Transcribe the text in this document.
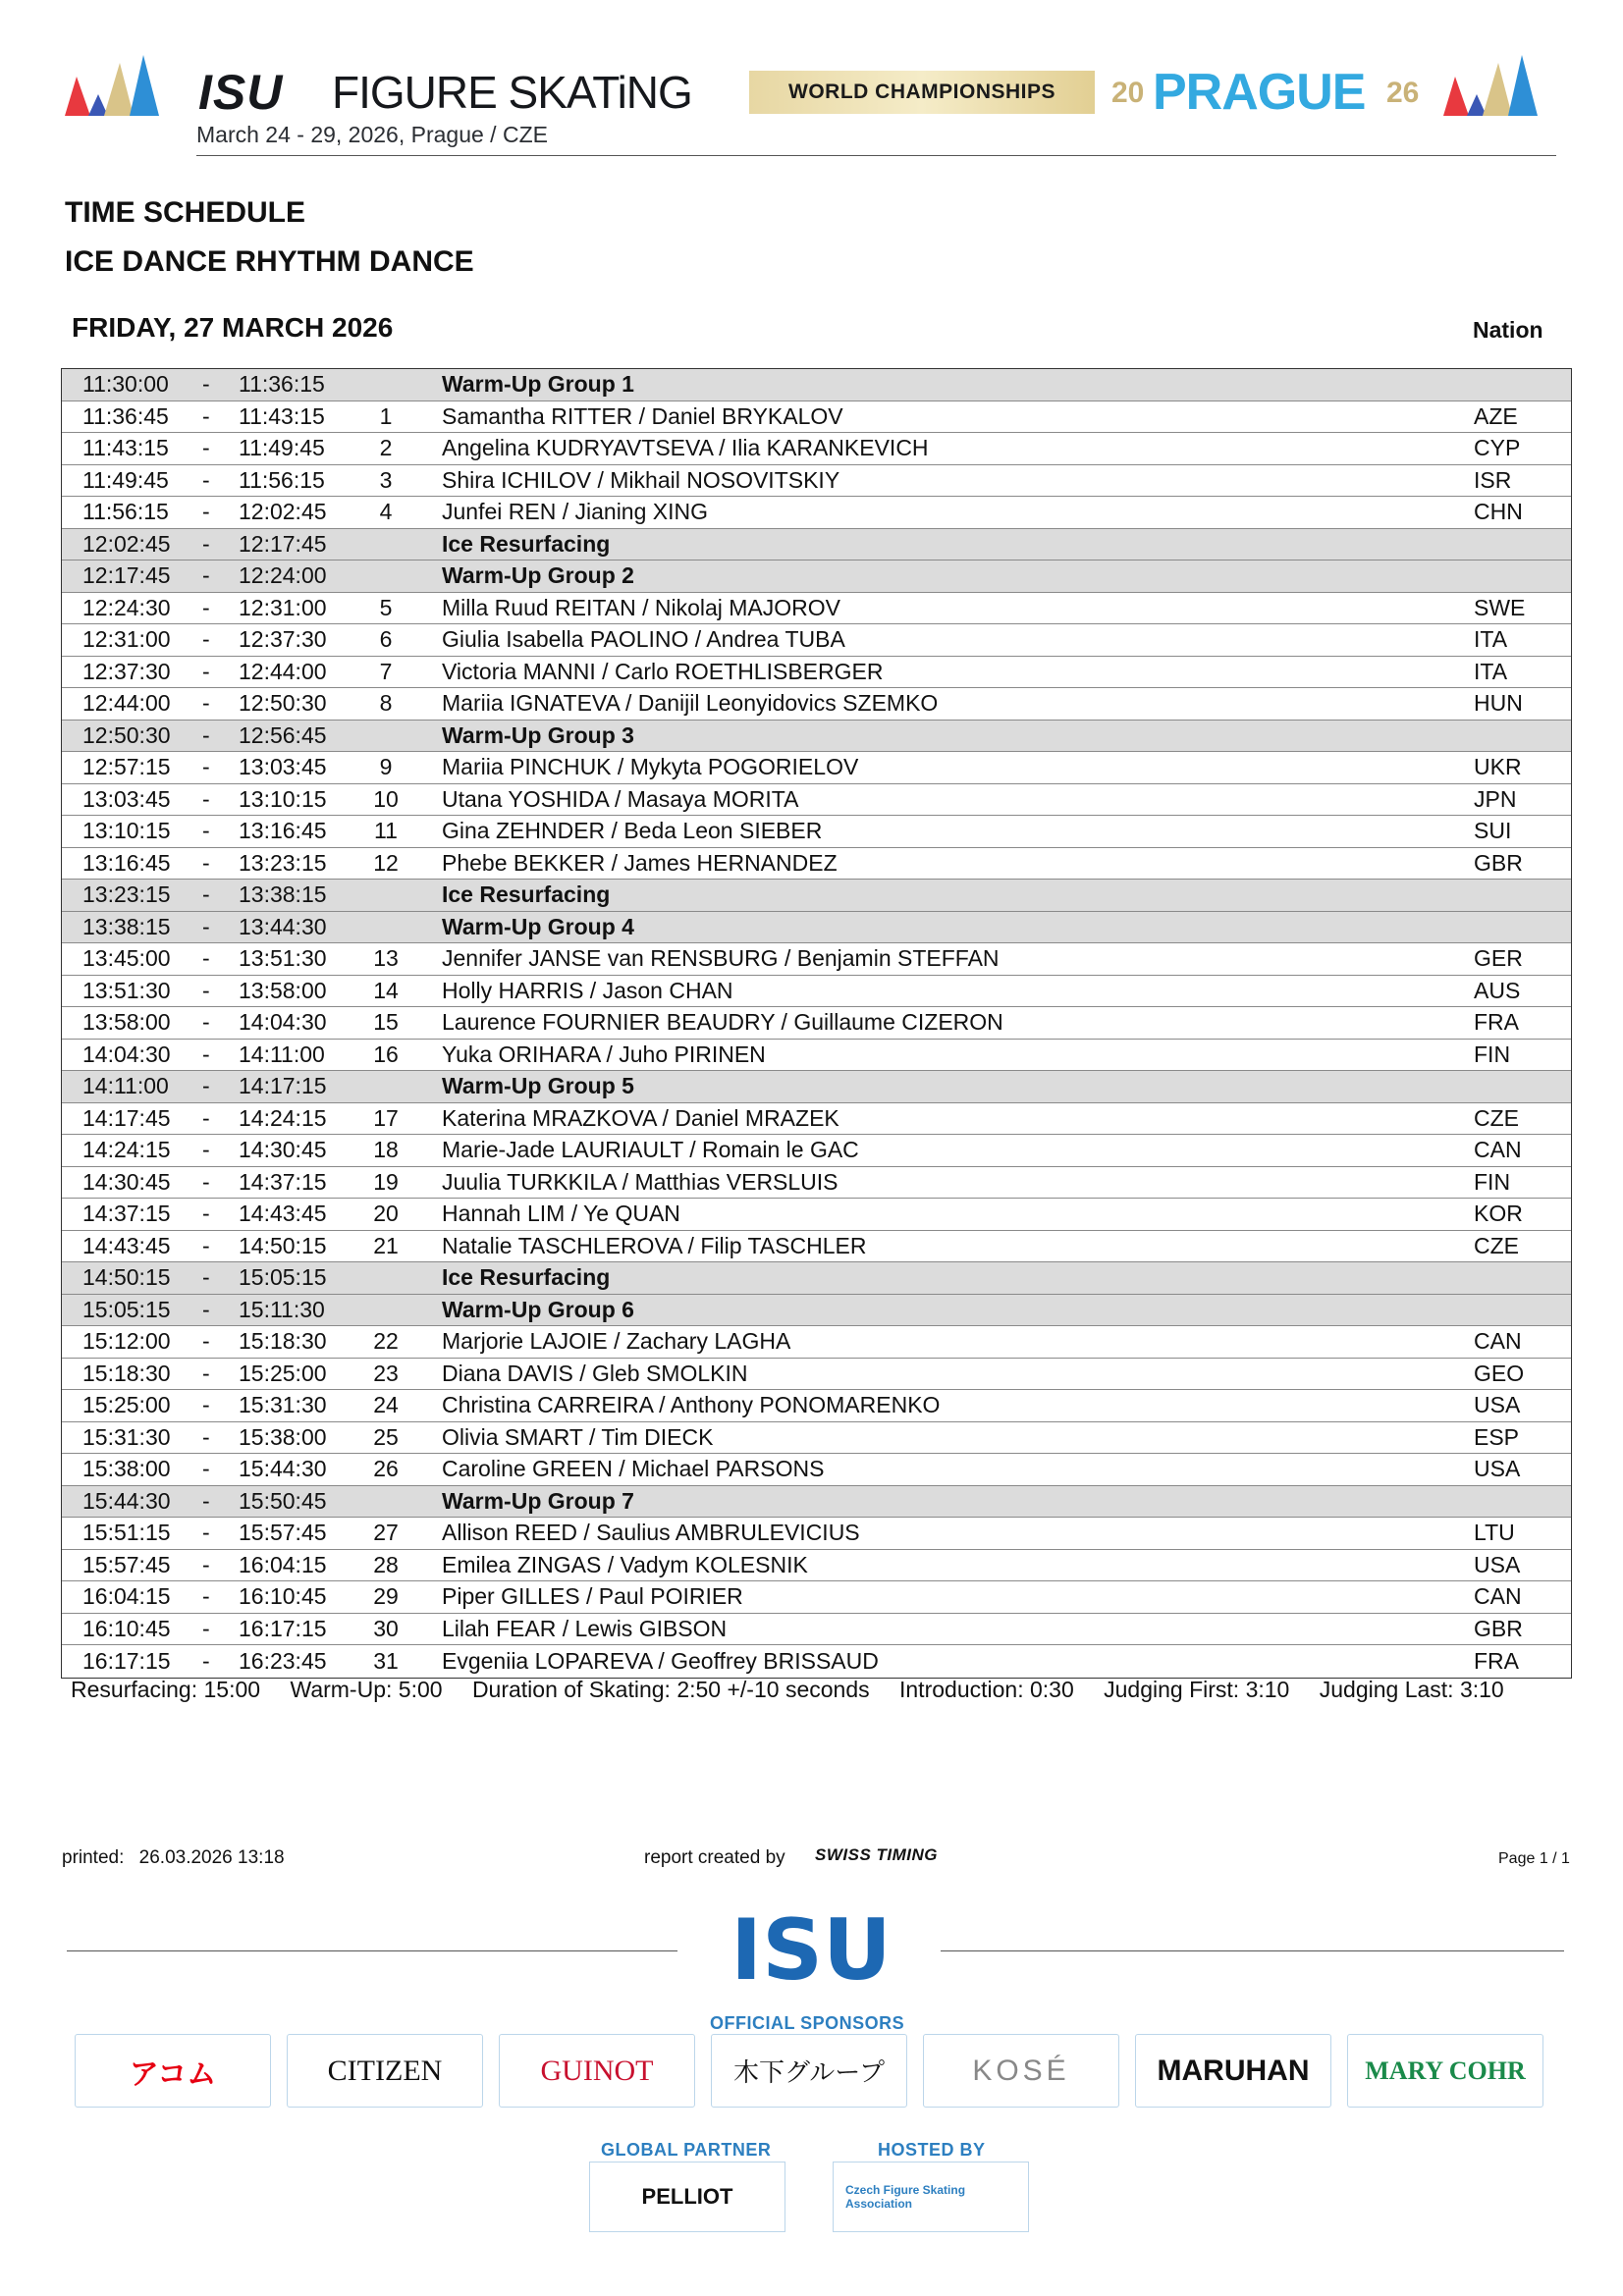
ISU FIGURE SKATiNG
March 24 - 29, 2026, Prague / CZE
WORLD CHAMPIONSHIPS	20 PRAGUE 26
TIME SCHEDULE
ICE DANCE RHYTHM DANCE
FRIDAY, 27 MARCH 2026	Nation
11:30:00 - 11:36:15	Warm-Up Group 1
11:36:45 - 11:43:15	1	Samantha RITTER / Daniel BRYKALOV	AZE
11:43:15 - 11:49:45	2	Angelina KUDRYAVTSEVA / Ilia KARANKEVICH	CYP
11:49:45 - 11:56:15	3	Shira ICHILOV / Mikhail NOSOVITSKIY	ISR
11:56:15 - 12:02:45	4	Junfei REN / Jianing XING	CHN
12:02:45 - 12:17:45	Ice Resurfacing
12:17:45 - 12:24:00	Warm-Up Group 2
12:24:30 - 12:31:00	5	Milla Ruud REITAN / Nikolaj MAJOROV	SWE
12:31:00 - 12:37:30	6	Giulia Isabella PAOLINO / Andrea TUBA	ITA
12:37:30 - 12:44:00	7	Victoria MANNI / Carlo ROETHLISBERGER	ITA
12:44:00 - 12:50:30	8	Mariia IGNATEVA / Danijil Leonyidovics SZEMKO	HUN
12:50:30 - 12:56:45	Warm-Up Group 3
12:57:15 - 13:03:45	9	Mariia PINCHUK / Mykyta POGORIELOV	UKR
13:03:45 - 13:10:15	10	Utana YOSHIDA / Masaya MORITA	JPN
13:10:15 - 13:16:45	11	Gina ZEHNDER / Beda Leon SIEBER	SUI
13:16:45 - 13:23:15	12	Phebe BEKKER / James HERNANDEZ	GBR
13:23:15 - 13:38:15	Ice Resurfacing
13:38:15 - 13:44:30	Warm-Up Group 4
13:45:00 - 13:51:30	13	Jennifer JANSE van RENSBURG / Benjamin STEFFAN	GER
13:51:30 - 13:58:00	14	Holly HARRIS / Jason CHAN	AUS
13:58:00 - 14:04:30	15	Laurence FOURNIER BEAUDRY / Guillaume CIZERON	FRA
14:04:30 - 14:11:00	16	Yuka ORIHARA / Juho PIRINEN	FIN
14:11:00 - 14:17:15	Warm-Up Group 5
14:17:45 - 14:24:15	17	Katerina MRAZKOVA / Daniel MRAZEK	CZE
14:24:15 - 14:30:45	18	Marie-Jade LAURIAULT / Romain le GAC	CAN
14:30:45 - 14:37:15	19	Juulia TURKKILA / Matthias VERSLUIS	FIN
14:37:15 - 14:43:45	20	Hannah LIM / Ye QUAN	KOR
14:43:45 - 14:50:15	21	Natalie TASCHLEROVA / Filip TASCHLER	CZE
14:50:15 - 15:05:15	Ice Resurfacing
15:05:15 - 15:11:30	Warm-Up Group 6
15:12:00 - 15:18:30	22	Marjorie LAJOIE / Zachary LAGHA	CAN
15:18:30 - 15:25:00	23	Diana DAVIS / Gleb SMOLKIN	GEO
15:25:00 - 15:31:30	24	Christina CARREIRA / Anthony PONOMARENKO	USA
15:31:30 - 15:38:00	25	Olivia SMART / Tim DIECK	ESP
15:38:00 - 15:44:30	26	Caroline GREEN / Michael PARSONS	USA
15:44:30 - 15:50:45	Warm-Up Group 7
15:51:15 - 15:57:45	27	Allison REED / Saulius AMBRULEVICIUS	LTU
15:57:45 - 16:04:15	28	Emilea ZINGAS / Vadym KOLESNIK	USA
16:04:15 - 16:10:45	29	Piper GILLES / Paul POIRIER	CAN
16:10:45 - 16:17:15	30	Lilah FEAR / Lewis GIBSON	GBR
16:17:15 - 16:23:45	31	Evgeniia LOPAREVA / Geoffrey BRISSAUD	FRA
Resurfacing: 15:00 Warm-Up: 5:00 Duration of Skating: 2:50 +/-10 seconds Introduction: 0:30 Judging First: 3:10 Judging Last: 3:10
printed: 26.03.2026 13:18	report created by SWISS TIMING	Page 1 / 1
ISU
OFFICIAL SPONSORS
アコム	CITIZEN	GUINOT	木下グループ	KOSÉ	MARUHAN	MARY COHR
GLOBAL PARTNER
PELLIOT
HOSTED BY
Czech Figure Skating Association
